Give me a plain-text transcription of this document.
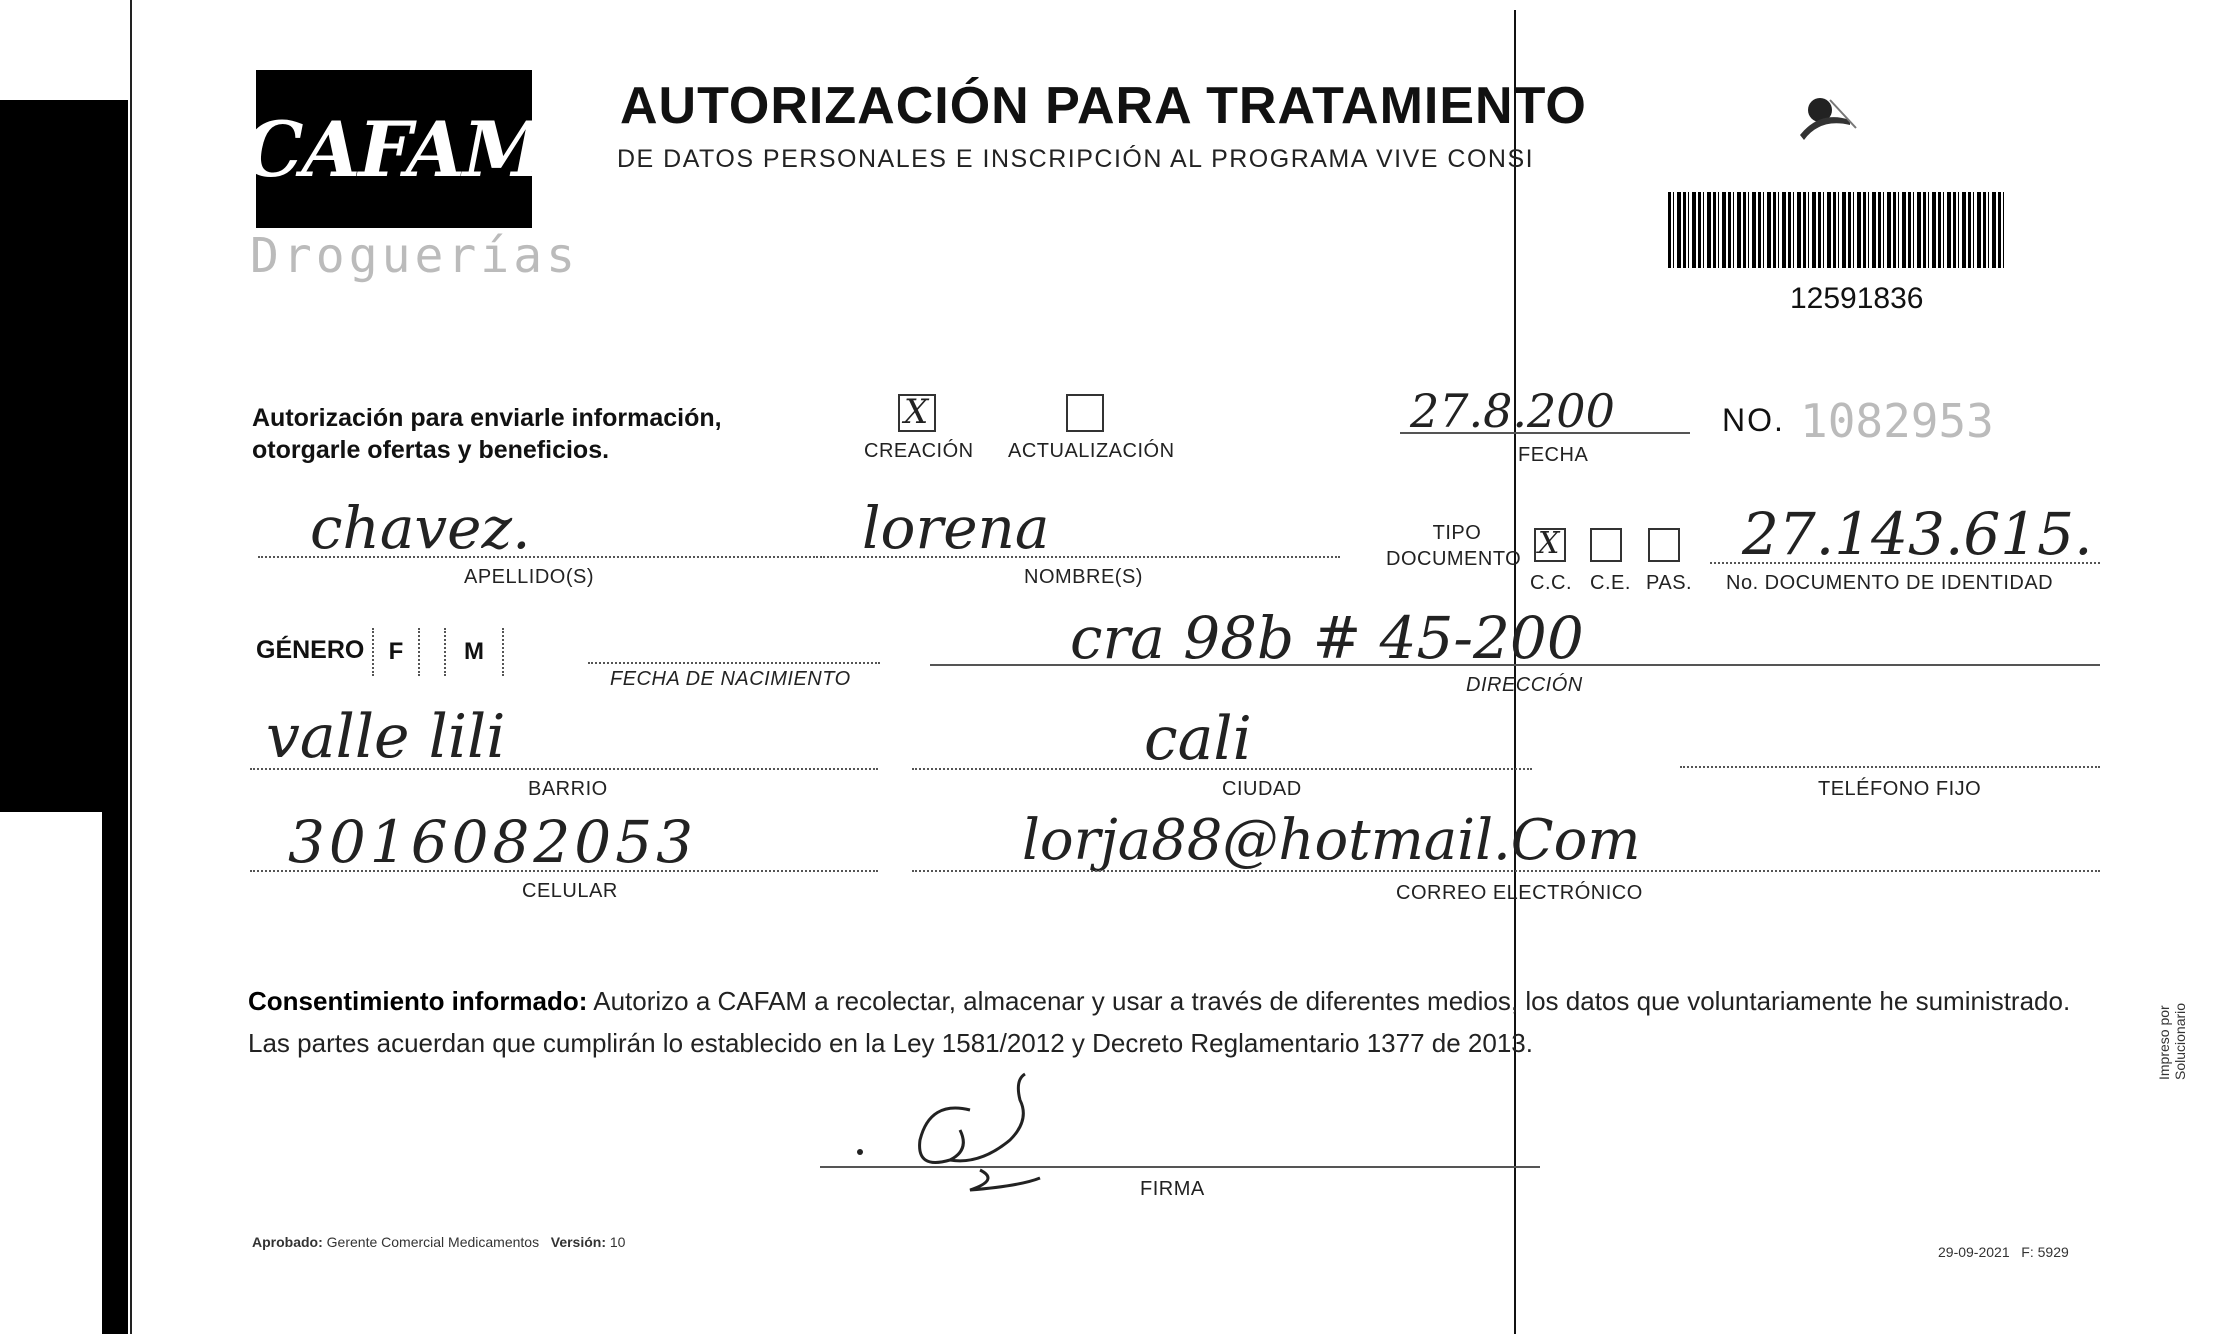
CAFAM
Droguerías
AUTORIZACIÓN PARA TRATAMIENTO
DE DATOS PERSONALES E INSCRIPCIÓN AL PROGRAMA VIVE CONSI
12591836
Autorización para enviarle información,
otorgarle ofertas y beneficios.
X
CREACIÓN ACTUALIZACIÓN
27.8.200
FECHA
NO. 1082953
chavez.
APELLIDO(S)
lorena
NOMBRE(S)
TIPO
DOCUMENTO X
C.C. C.E. PAS.
27.143.615.
No. DOCUMENTO DE IDENTIDAD
GÉNERO F	M
FECHA DE NACIMIENTO
cra 98b # 45-200
DIRECCIÓN
valle lili
BARRIO
cali
CIUDAD	TELÉFONO FIJO
3016082053
CELULAR
lorja88@hotmail.Com
CORREO ELECTRÓNICO
Consentimiento informado: Autorizo a CAFAM a recolectar, almacenar y usar a través de diferentes medios, los datos que voluntariamente he suministrado.
Las partes acuerdan que cumplirán lo establecido en la Ley 1581/2012 y Decreto Reglamentario 1377 de 2013.
FIRMA
Aprobado: Gerente Comercial Medicamentos Versión: 10
29-09-2021 F: 5929
Impreso por Solucionario
